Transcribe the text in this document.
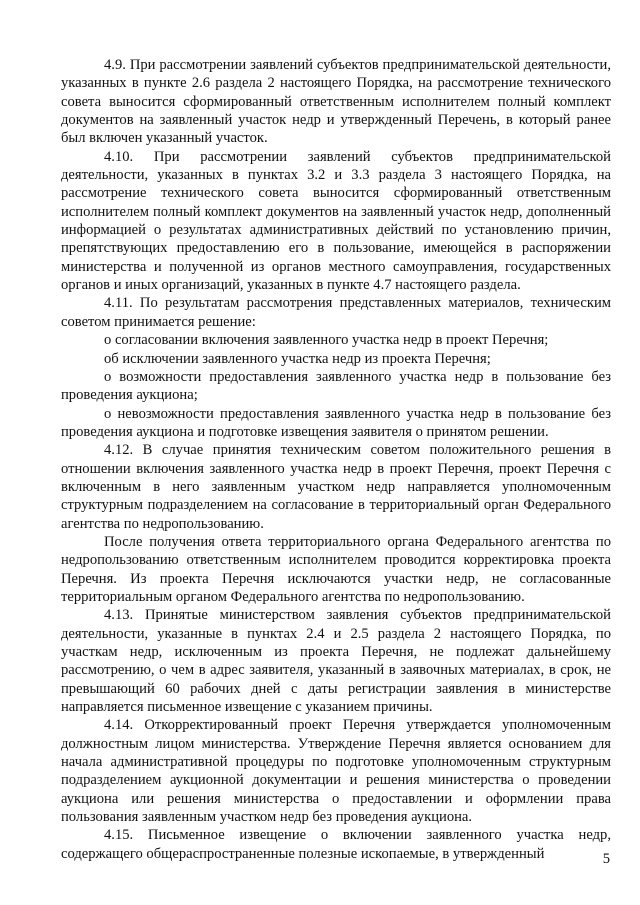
4.9. При рассмотрении заявлений субъектов предпринимательской деятельности, указанных в пункте 2.6 раздела 2 настоящего Порядка, на рассмотрение технического совета выносится сформированный ответственным исполнителем полный комплект документов на заявленный участок недр и утвержденный Перечень, в который ранее был включен указанный участок.

4.10. При рассмотрении заявлений субъектов предпринимательской деятельности, указанных в пунктах 3.2 и 3.3 раздела 3 настоящего Порядка, на рассмотрение технического совета выносится сформированный ответственным исполнителем полный комплект документов на заявленный участок недр, дополненный информацией о результатах административных действий по установлению причин, препятствующих предоставлению его в пользование, имеющейся в распоряжении министерства и полученной из органов местного самоуправления, государственных органов и иных организаций, указанных в пункте 4.7 настоящего раздела.

4.11. По результатам рассмотрения представленных материалов, техническим советом принимается решение:

о согласовании включения заявленного участка недр в проект Перечня;

об исключении заявленного участка недр из проекта Перечня;

о возможности предоставления заявленного участка недр в пользование без проведения аукциона;

о невозможности предоставления заявленного участка недр в пользование без проведения аукциона и подготовке извещения заявителя о принятом решении.

4.12. В случае принятия техническим советом положительного решения в отношении включения заявленного участка недр в проект Перечня, проект Перечня с включенным в него заявленным участком недр направляется уполномоченным структурным подразделением на согласование в территориальный орган Федерального агентства по недропользованию.

После получения ответа территориального органа Федерального агентства по недропользованию ответственным исполнителем проводится корректировка проекта Перечня. Из проекта Перечня исключаются участки недр, не согласованные территориальным органом Федерального агентства по недропользованию.

4.13. Принятые министерством заявления субъектов предпринимательской деятельности, указанные в пунктах 2.4 и 2.5 раздела 2 настоящего Порядка, по участкам недр, исключенным из проекта Перечня, не подлежат дальнейшему рассмотрению, о чем в адрес заявителя, указанный в заявочных материалах, в срок, не превышающий 60 рабочих дней с даты регистрации заявления в министерстве направляется письменное извещение с указанием причины.

4.14. Откорректированный проект Перечня утверждается уполномоченным должностным лицом министерства. Утверждение Перечня является основанием для начала административной процедуры по подготовке уполномоченным структурным подразделением аукционной документации и решения министерства о проведении аукциона или решения министерства о предоставлении и оформлении права пользования заявленным участком недр без проведения аукциона.

4.15. Письменное извещение о включении заявленного участка недр, содержащего общераспространенные полезные ископаемые, в утвержденный	5
